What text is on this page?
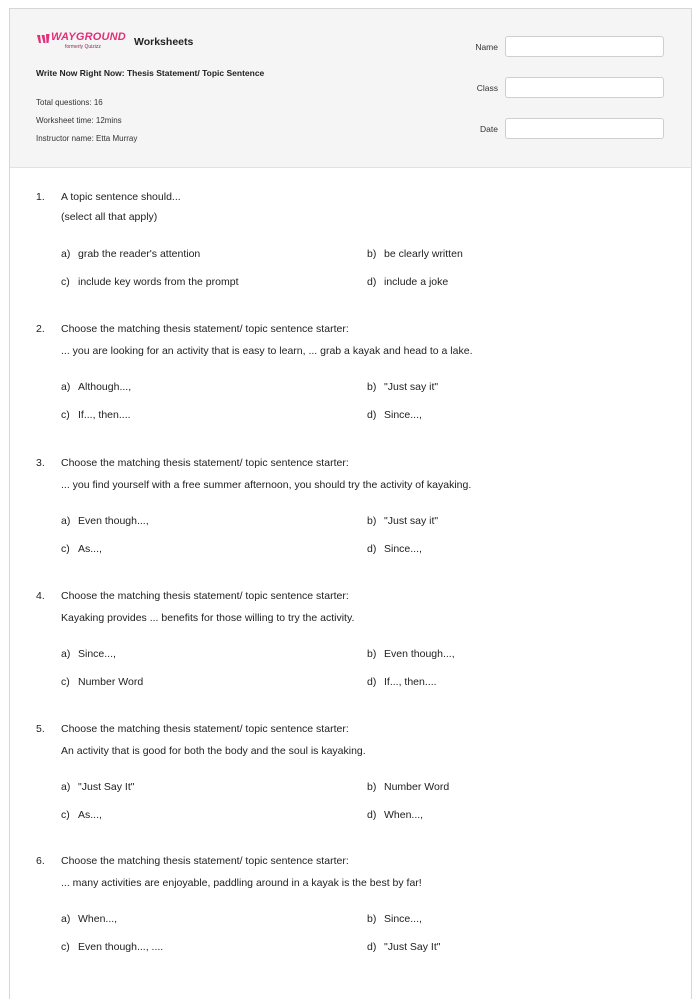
WAYGROUND
formerly Quizizz	Worksheets
Write Now Right Now: Thesis Statement/ Topic Sentence
Total questions: 16
Worksheet time: 12mins
Instructor name: Etta Murray
Name
Class
Date
1. A topic sentence should...
(select all that apply)
a) grab the reader's attention	b) be clearly written
c) include key words from the prompt	d) include a joke
2. Choose the matching thesis statement/ topic sentence starter:
... you are looking for an activity that is easy to learn, ... grab a kayak and head to a lake.
a) Although...,	b) "Just say it"
c) If..., then....	d) Since...,
3. Choose the matching thesis statement/ topic sentence starter:
... you find yourself with a free summer afternoon, you should try the activity of kayaking.
a) Even though...,	b) "Just say it"
c) As...,	d) Since...,
4. Choose the matching thesis statement/ topic sentence starter:
Kayaking provides ... benefits for those willing to try the activity.
a) Since...,	b) Even though...,
c) Number Word	d) If..., then....
5. Choose the matching thesis statement/ topic sentence starter:
An activity that is good for both the body and the soul is kayaking.
a) "Just Say It"	b) Number Word
c) As...,	d) When...,
6. Choose the matching thesis statement/ topic sentence starter:
... many activities are enjoyable, paddling around in a kayak is the best by far!
a) When...,	b) Since...,
c) Even though..., ....	d) "Just Say It"
